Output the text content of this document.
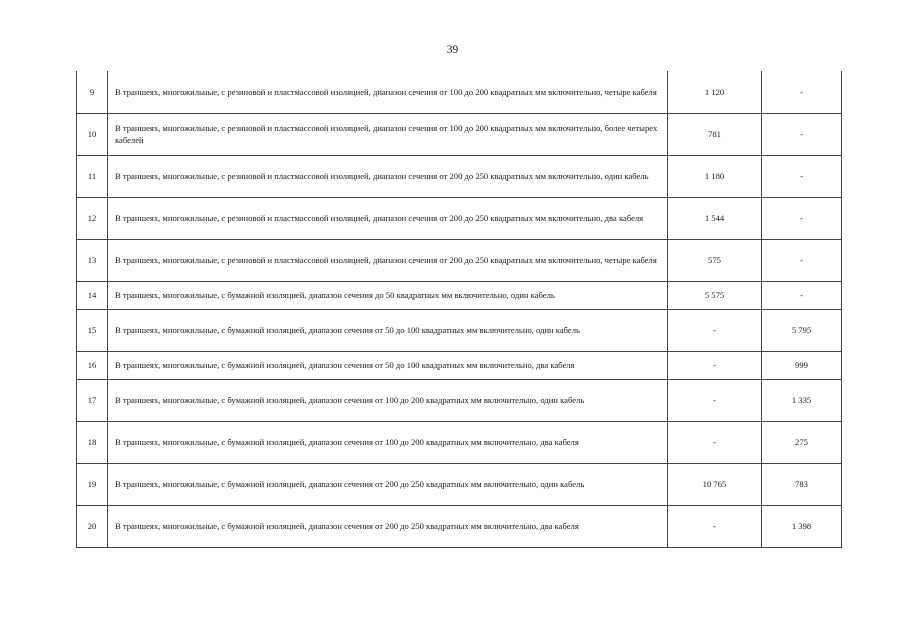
39
9	В траншеях, многожильные, с резиновой и пластмассовой изоляцией, диапазон сечения от 100 до 200 квадратных мм включительно, четыре кабеля	1 120	-
10	В траншеях, многожильные, с резиновой и пластмассовой изоляцией, диапазон сечения от 100 до 200 квадратных мм включительно, более четырех кабелей	781	-
11	В траншеях, многожильные, с резиновой и пластмассовой изоляцией, диапазон сечения от 200 до 250 квадратных мм включительно, один кабель	1 180	-
12	В траншеях, многожильные, с резиновой и пластмассовой изоляцией, диапазон сечения от 200 до 250 квадратных мм включительно, два кабеля	1 544	-
13	В траншеях, многожильные, с резиновой и пластмассовой изоляцией, диапазон сечения от 200 до 250 квадратных мм включительно, четыре кабеля	575	-
14	В траншеях, многожильные, с бумажной изоляцией, диапазон сечения до 50 квадратных мм включительно, один кабель	5 575	-
15	В траншеях, многожильные, с бумажной изоляцией, диапазон сечения от 50 до 100 квадратных мм включительно, один кабель	-	5 795
16	В траншеях, многожильные, с бумажной изоляцией, диапазон сечения от 50 до 100 квадратных мм включительно, два кабеля	-	999
17	В траншеях, многожильные, с бумажной изоляцией, диапазон сечения от 100 до 200 квадратных мм включительно, один кабель	-	1 335
18	В траншеях, многожильные, с бумажной изоляцией, диапазон сечения от 100 до 200 квадратных мм включительно, два кабеля	-	275
19	В траншеях, многожильные, с бумажной изоляцией, диапазон сечения от 200 до 250 квадратных мм включительно, один кабель	10 765	783
20	В траншеях, многожильные, с бумажной изоляцией, диапазон сечения от 200 до 250 квадратных мм включительно, два кабеля	-	1 398
